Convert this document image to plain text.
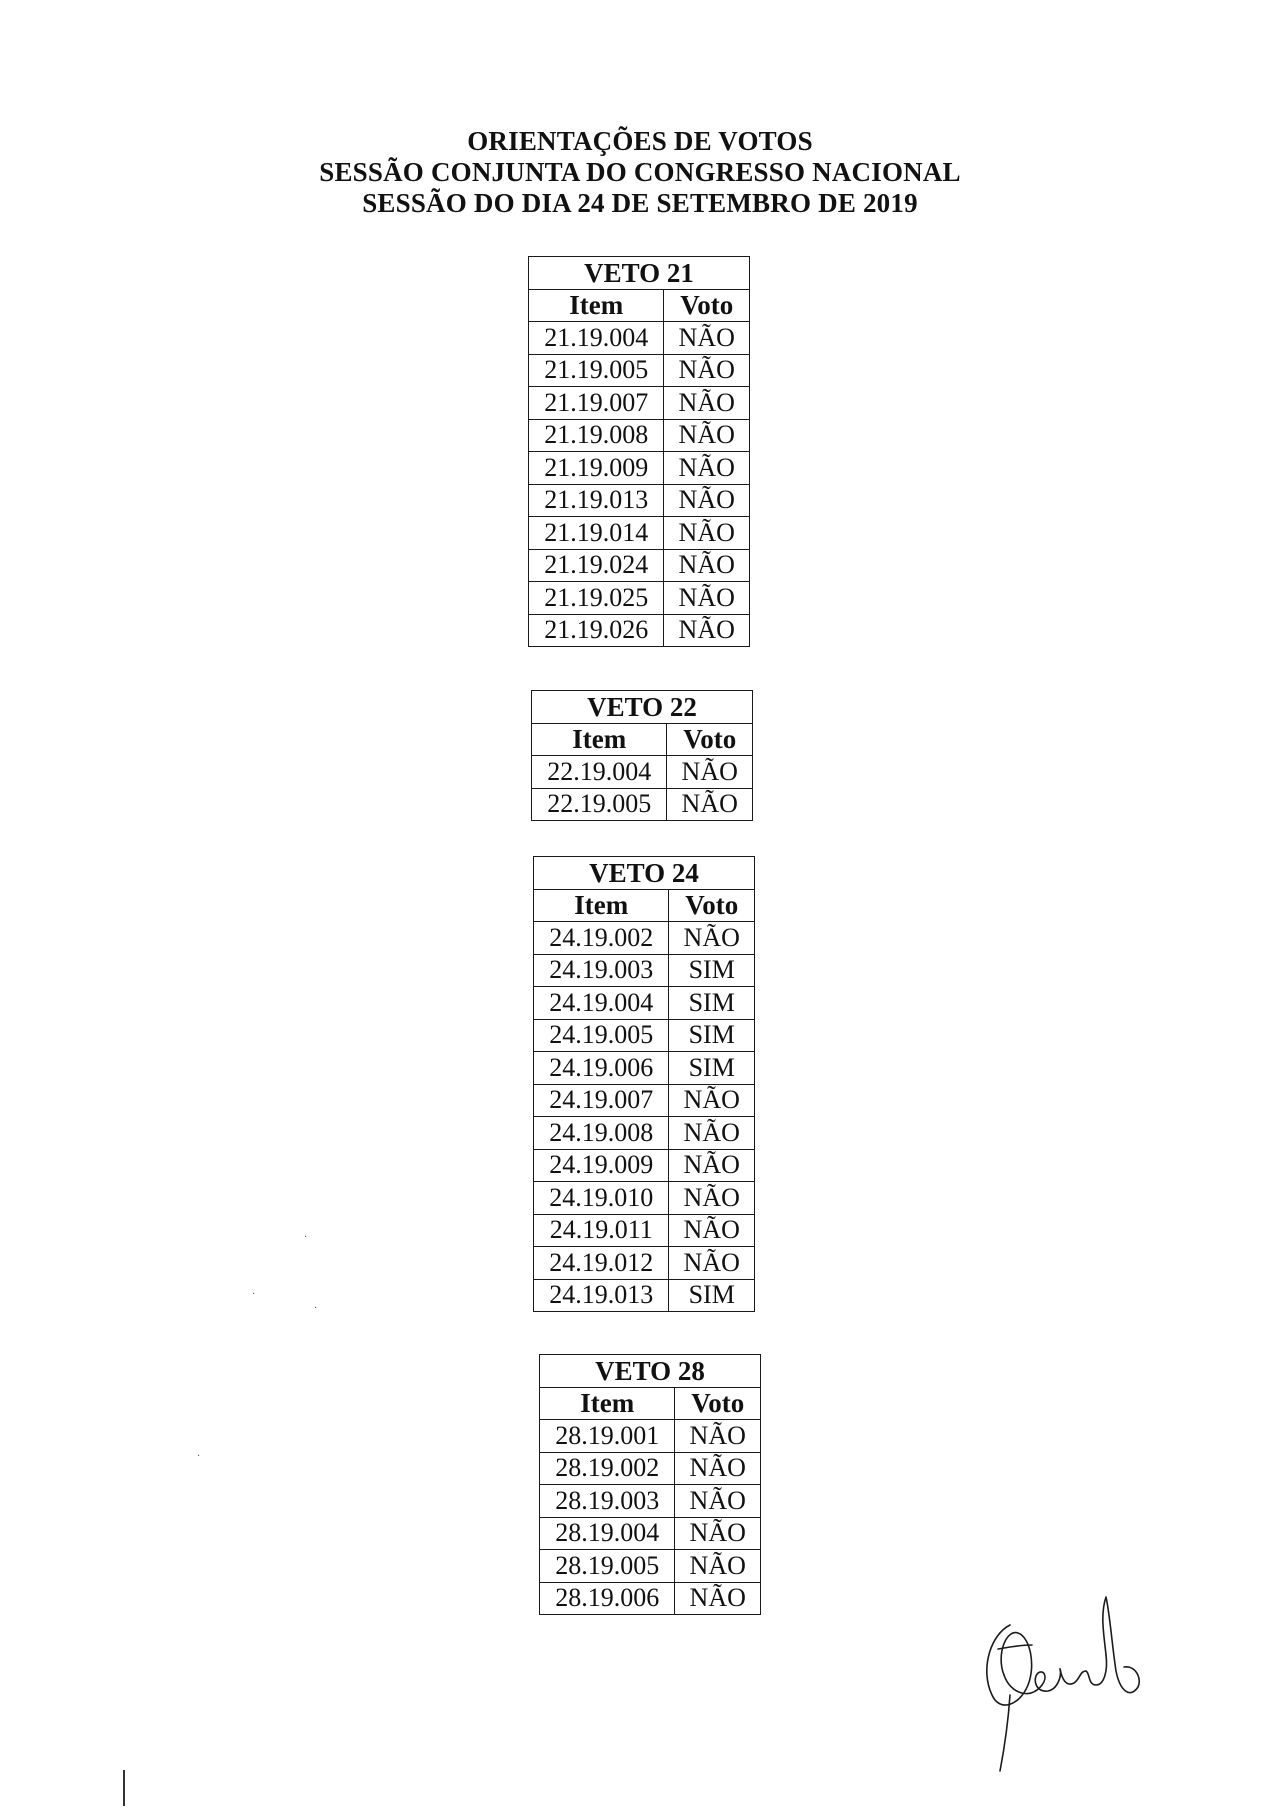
ORIENTAÇÕES DE VOTOS
SESSÃO CONJUNTA DO CONGRESSO NACIONAL
SESSÃO DO DIA 24 DE SETEMBRO DE 2019
VETO 21	
Item	Voto
21.19.004	NÃO
21.19.005	NÃO
21.19.007	NÃO
21.19.008	NÃO
21.19.009	NÃO
21.19.013	NÃO
21.19.014	NÃO
21.19.024	NÃO
21.19.025	NÃO
21.19.026	NÃO
VETO 22	
Item	Voto
22.19.004	NÃO
22.19.005	NÃO
VETO 24	
Item	Voto
24.19.002	NÃO
24.19.003	SIM
24.19.004	SIM
24.19.005	SIM
24.19.006	SIM
24.19.007	NÃO
24.19.008	NÃO
24.19.009	NÃO
24.19.010	NÃO
24.19.011	NÃO
24.19.012	NÃO
24.19.013	SIM
VETO 28	
Item	Voto
28.19.001	NÃO
28.19.002	NÃO
28.19.003	NÃO
28.19.004	NÃO
28.19.005	NÃO
28.19.006	NÃO
·
·
·
·
